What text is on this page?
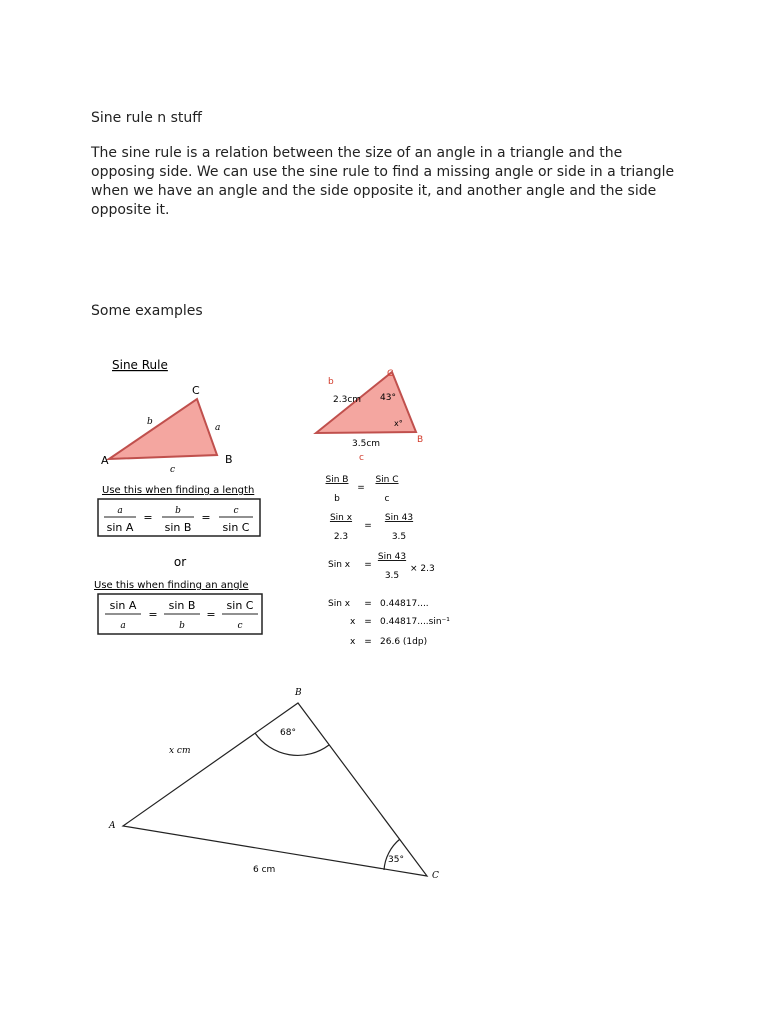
Sine rule n stuff
The sine rule is a relation between the size of an angle in a triangle and the opposing side. We can use the sine rule to find a missing angle or side in a triangle when we have an angle and the side opposite it, and another angle and the side opposite it.
Some examples
Sine Rule
A
C
B
b
a
c
Use this when finding a length
a
sin A
=	b
sin B
=	c
sin C
or
Use this when finding an angle
sin A
a
=
sin B
b
=
sin C
c
b
C
2.3cm 43°
x°
B
3.5cm
c
Sin B
b
=
Sin C
c
Sin x
2.3
=
Sin 43
3.5
Sin x =
Sin 43
3.5
× 2.3
Sin x = 0.44817....
x = 0.44817....sin⁻¹
x = 26.6 (1dp)
B
A
C
x cm
6 cm
68°
35°
